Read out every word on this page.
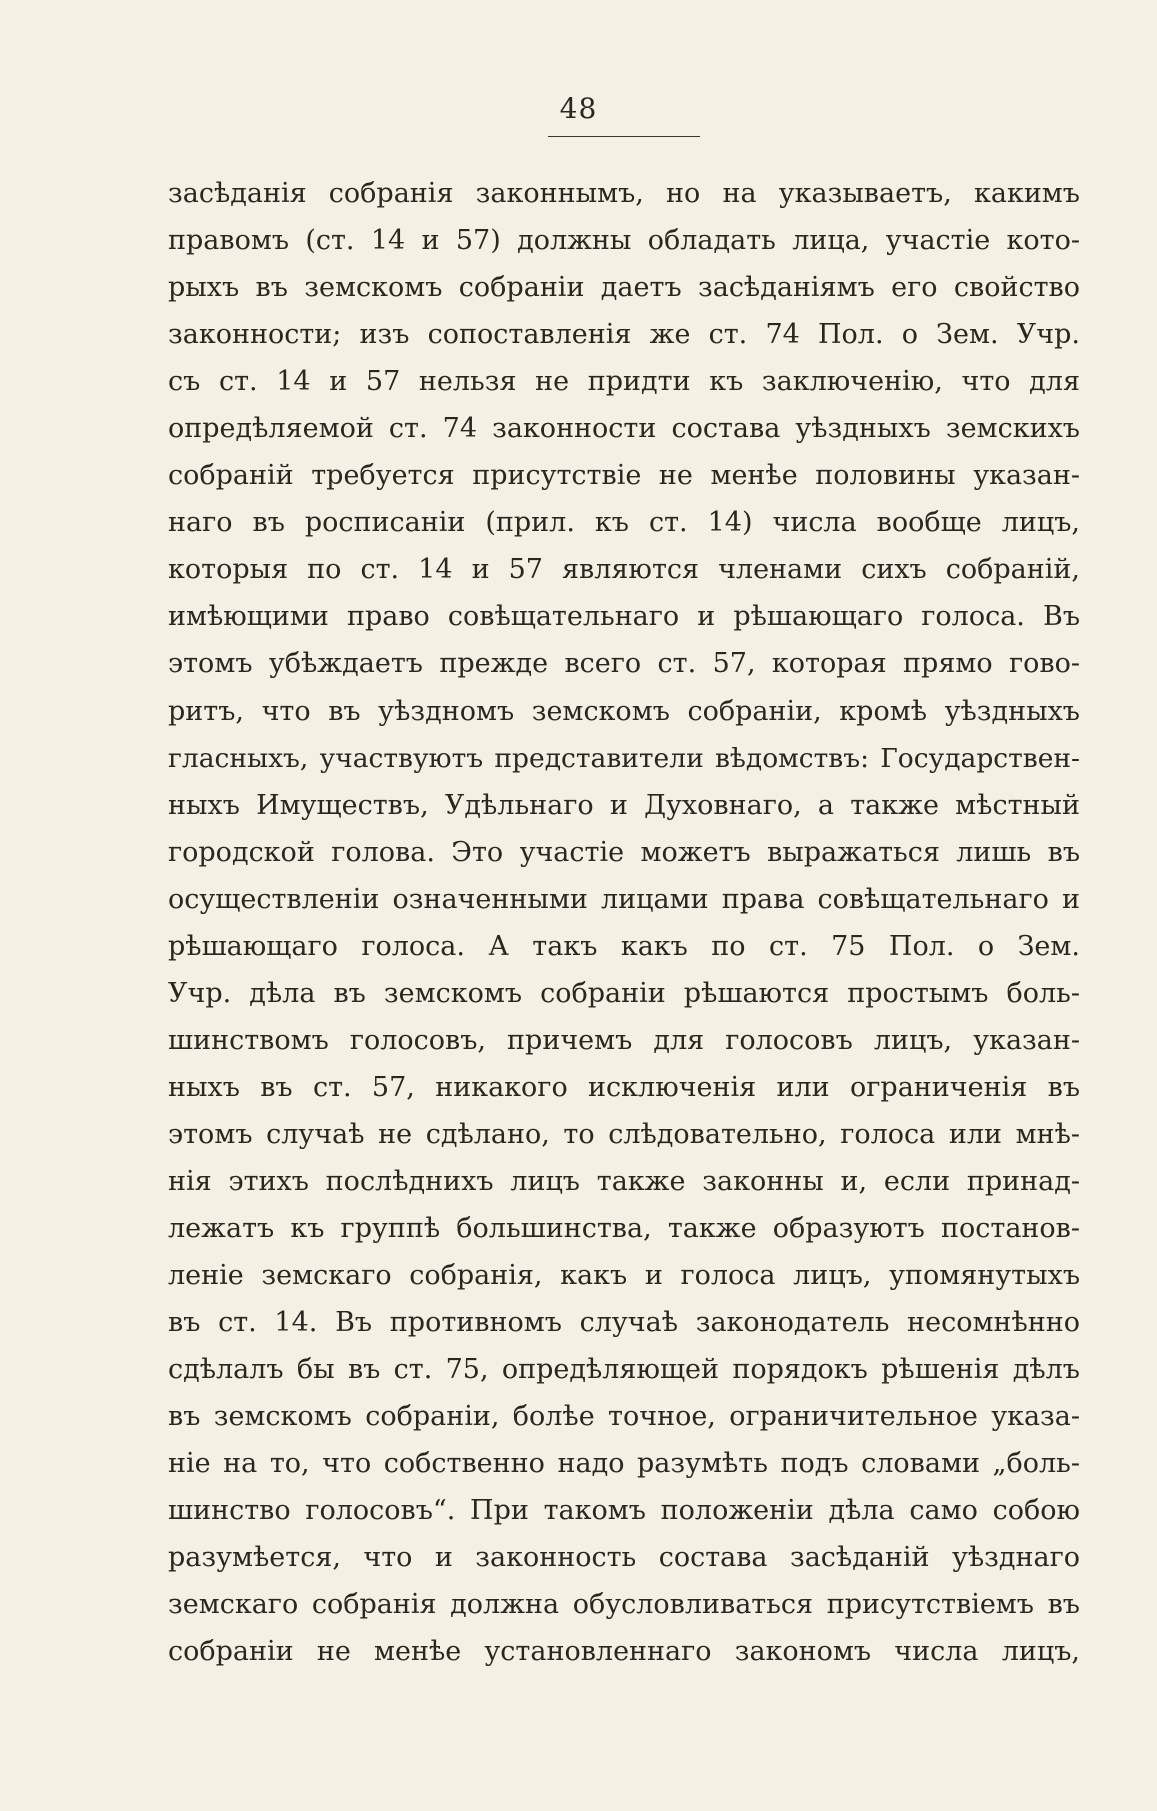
48
засѣданія собранія законнымъ, но на указываетъ, какимъ
правомъ (ст. 14 и 57) должны обладать лица, участіе кото-
рыхъ въ земскомъ собраніи даетъ засѣданіямъ его свойство
законности; изъ сопоставленія же ст. 74 Пол. о Зем. Учр.
съ ст. 14 и 57 нельзя не придти къ заключенію, что для
опредѣляемой ст. 74 законности состава уѣздныхъ земскихъ
собраній требуется присутствіе не менѣе половины указан-
наго въ росписаніи (прил. къ ст. 14) числа вообще лицъ,
которыя по ст. 14 и 57 являются членами сихъ собраній,
имѣющими право совѣщательнаго и рѣшающаго голоса. Въ
этомъ убѣждаетъ прежде всего ст. 57, которая прямо гово-
ритъ, что въ уѣздномъ земскомъ собраніи, кромѣ уѣздныхъ
гласныхъ, участвуютъ представители вѣдомствъ: Государствен-
ныхъ Имуществъ, Удѣльнаго и Духовнаго, а также мѣстный
городской голова. Это участіе можетъ выражаться лишь въ
осуществленіи означенными лицами права совѣщательнаго и
рѣшающаго голоса. А такъ какъ по ст. 75 Пол. о Зем.
Учр. дѣла въ земскомъ собраніи рѣшаются простымъ боль-
шинствомъ голосовъ, причемъ для голосовъ лицъ, указан-
ныхъ въ ст. 57, никакого исключенія или ограниченія въ
этомъ случаѣ не сдѣлано, то слѣдовательно, голоса или мнѣ-
нія этихъ послѣднихъ лицъ также законны и, если принад-
лежатъ къ группѣ большинства, также образуютъ постанов-
леніе земскаго собранія, какъ и голоса лицъ, упомянутыхъ
въ ст. 14. Въ противномъ случаѣ законодатель несомнѣнно
сдѣлалъ бы въ ст. 75, опредѣляющей порядокъ рѣшенія дѣлъ
въ земскомъ собраніи, болѣе точное, ограничительное указа-
ніе на то, что собственно надо разумѣть подъ словами „боль-
шинство голосовъ“. При такомъ положеніи дѣла само собою
разумѣется, что и законность состава засѣданій уѣзднаго
земскаго собранія должна обусловливаться присутствіемъ въ
собраніи не менѣе установленнаго закономъ числа лицъ,
